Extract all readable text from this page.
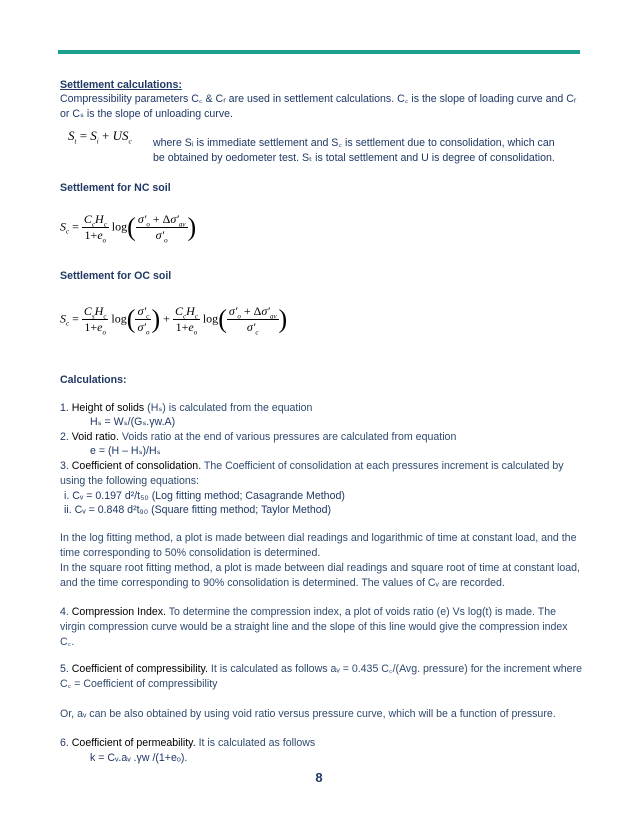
Settlement calculations:
Compressibility parameters C꜀ & Cᵣ are used in settlement calculations. C꜀ is the slope of loading curve and Cᵣ or Cₛ is the slope of unloading curve.
$S_t = S_i + US_c$ where Sᵢ is immediate settlement and S꜀ is settlement due to consolidation, which can
be obtained by oedometer test. Sₜ is total settlement and U is degree of consolidation.
Settlement for NC soil
$S_c = \frac{C_cH_c}{1+e_o} \log( \frac{\sigma'_o + \Delta\sigma'_{av}}{\sigma'_o}$ )
Settlement for OC soil
$S_c = \frac{C_sH_c}{1+e_o} \log( \frac{\sigma'_c}{\sigma'_o}$ ) + $\frac{C_cH_c}{1+e_o} \log( \frac{\sigma'_o + \Delta\sigma'_{av}}{\sigma'_c}$ )
Calculations:
1. Height of solids (Hₛ) is calculated from the equation
Hₛ = Wₛ/(Gₛ.γw.A)
2. Void ratio. Voids ratio at the end of various pressures are calculated from equation
e = (H – Hₛ)/Hₛ
3. Coefficient of consolidation. The Coefficient of consolidation at each pressures increment is calculated by using the following equations:
i. Cᵥ = 0.197 d²/t₅₀ (Log fitting method; Casagrande Method)
ii. Cᵥ = 0.848 d²t₉₀ (Square fitting method; Taylor Method)
In the log fitting method, a plot is made between dial readings and logarithmic of time at constant load, and the time corresponding to 50% consolidation is determined.
In the square root fitting method, a plot is made between dial readings and square root of time at constant load, and the time corresponding to 90% consolidation is determined. The values of Cᵥ are recorded.
4. Compression Index. To determine the compression index, a plot of voids ratio (e) Vs log(t) is made. The virgin compression curve would be a straight line and the slope of this line would give the compression index C꜀.
5. Coefficient of compressibility. It is calculated as follows aᵥ = 0.435 C꜀/(Avg. pressure) for the increment where C꜀ = Coefficient of compressibility
Or, aᵥ can be also obtained by using void ratio versus pressure curve, which will be a function of pressure.
6. Coefficient of permeability. It is calculated as follows
k = Cᵥ.aᵥ .γw /(1+eₒ).
8
